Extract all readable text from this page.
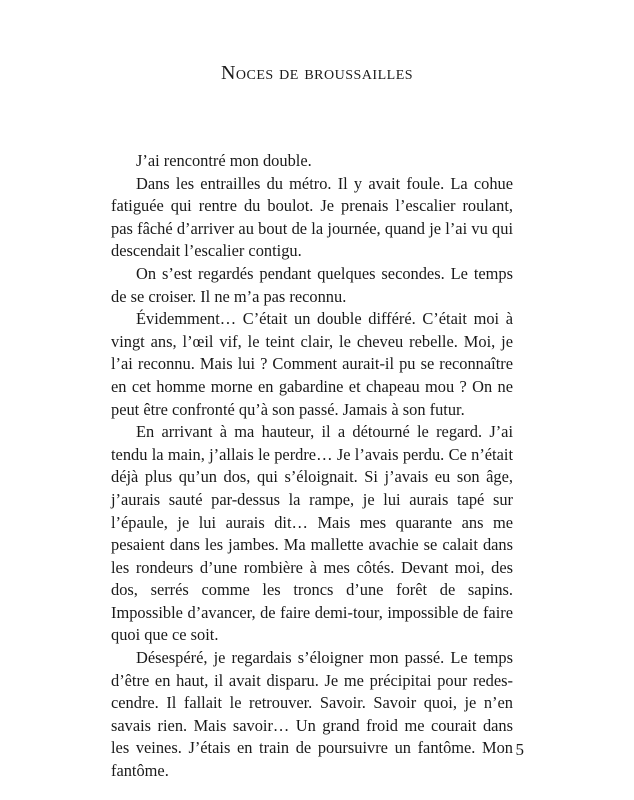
Noces de broussailles

J’ai rencontré mon double.

Dans les entrailles du métro. Il y avait foule. La cohue fatiguée qui rentre du boulot. Je prenais l’escalier roulant, pas fâché d’arriver au bout de la journée, quand je l’ai vu qui descendait l’escalier contigu.

On s’est regardés pendant quelques secondes. Le temps de se croiser. Il ne m’a pas reconnu.

Évidemment… C’était un double différé. C’était moi à vingt ans, l’œil vif, le teint clair, le cheveu rebelle. Moi, je l’ai reconnu. Mais lui ? Comment aurait-il pu se reconnaître en cet homme morne en gabardine et chapeau mou ? On ne peut être confronté qu’à son passé. Jamais à son futur.

En arrivant à ma hauteur, il a détourné le regard. J’ai tendu la main, j’allais le perdre… Je l’avais perdu. Ce n’était déjà plus qu’un dos, qui s’éloignait. Si j’avais eu son âge, j’aurais sauté par-dessus la rampe, je lui aurais tapé sur l’épaule, je lui aurais dit… Mais mes quarante ans me pesaient dans les jambes. Ma mallette avachie se calait dans les rondeurs d’une rombière à mes côtés. Devant moi, des dos, serrés comme les troncs d’une forêt de sapins. Impossible d’avancer, de faire demi-tour, impossible de faire quoi que ce soit.

Désespéré, je regardais s’éloigner mon passé. Le temps d’être en haut, il avait disparu. Je me précipitai pour redescendre. Il fallait le retrouver. Savoir. Savoir quoi, je n’en savais rien. Mais savoir… Un grand froid me courait dans les veines. J’étais en train de poursuivre un fantôme. Mon fantôme.

5
